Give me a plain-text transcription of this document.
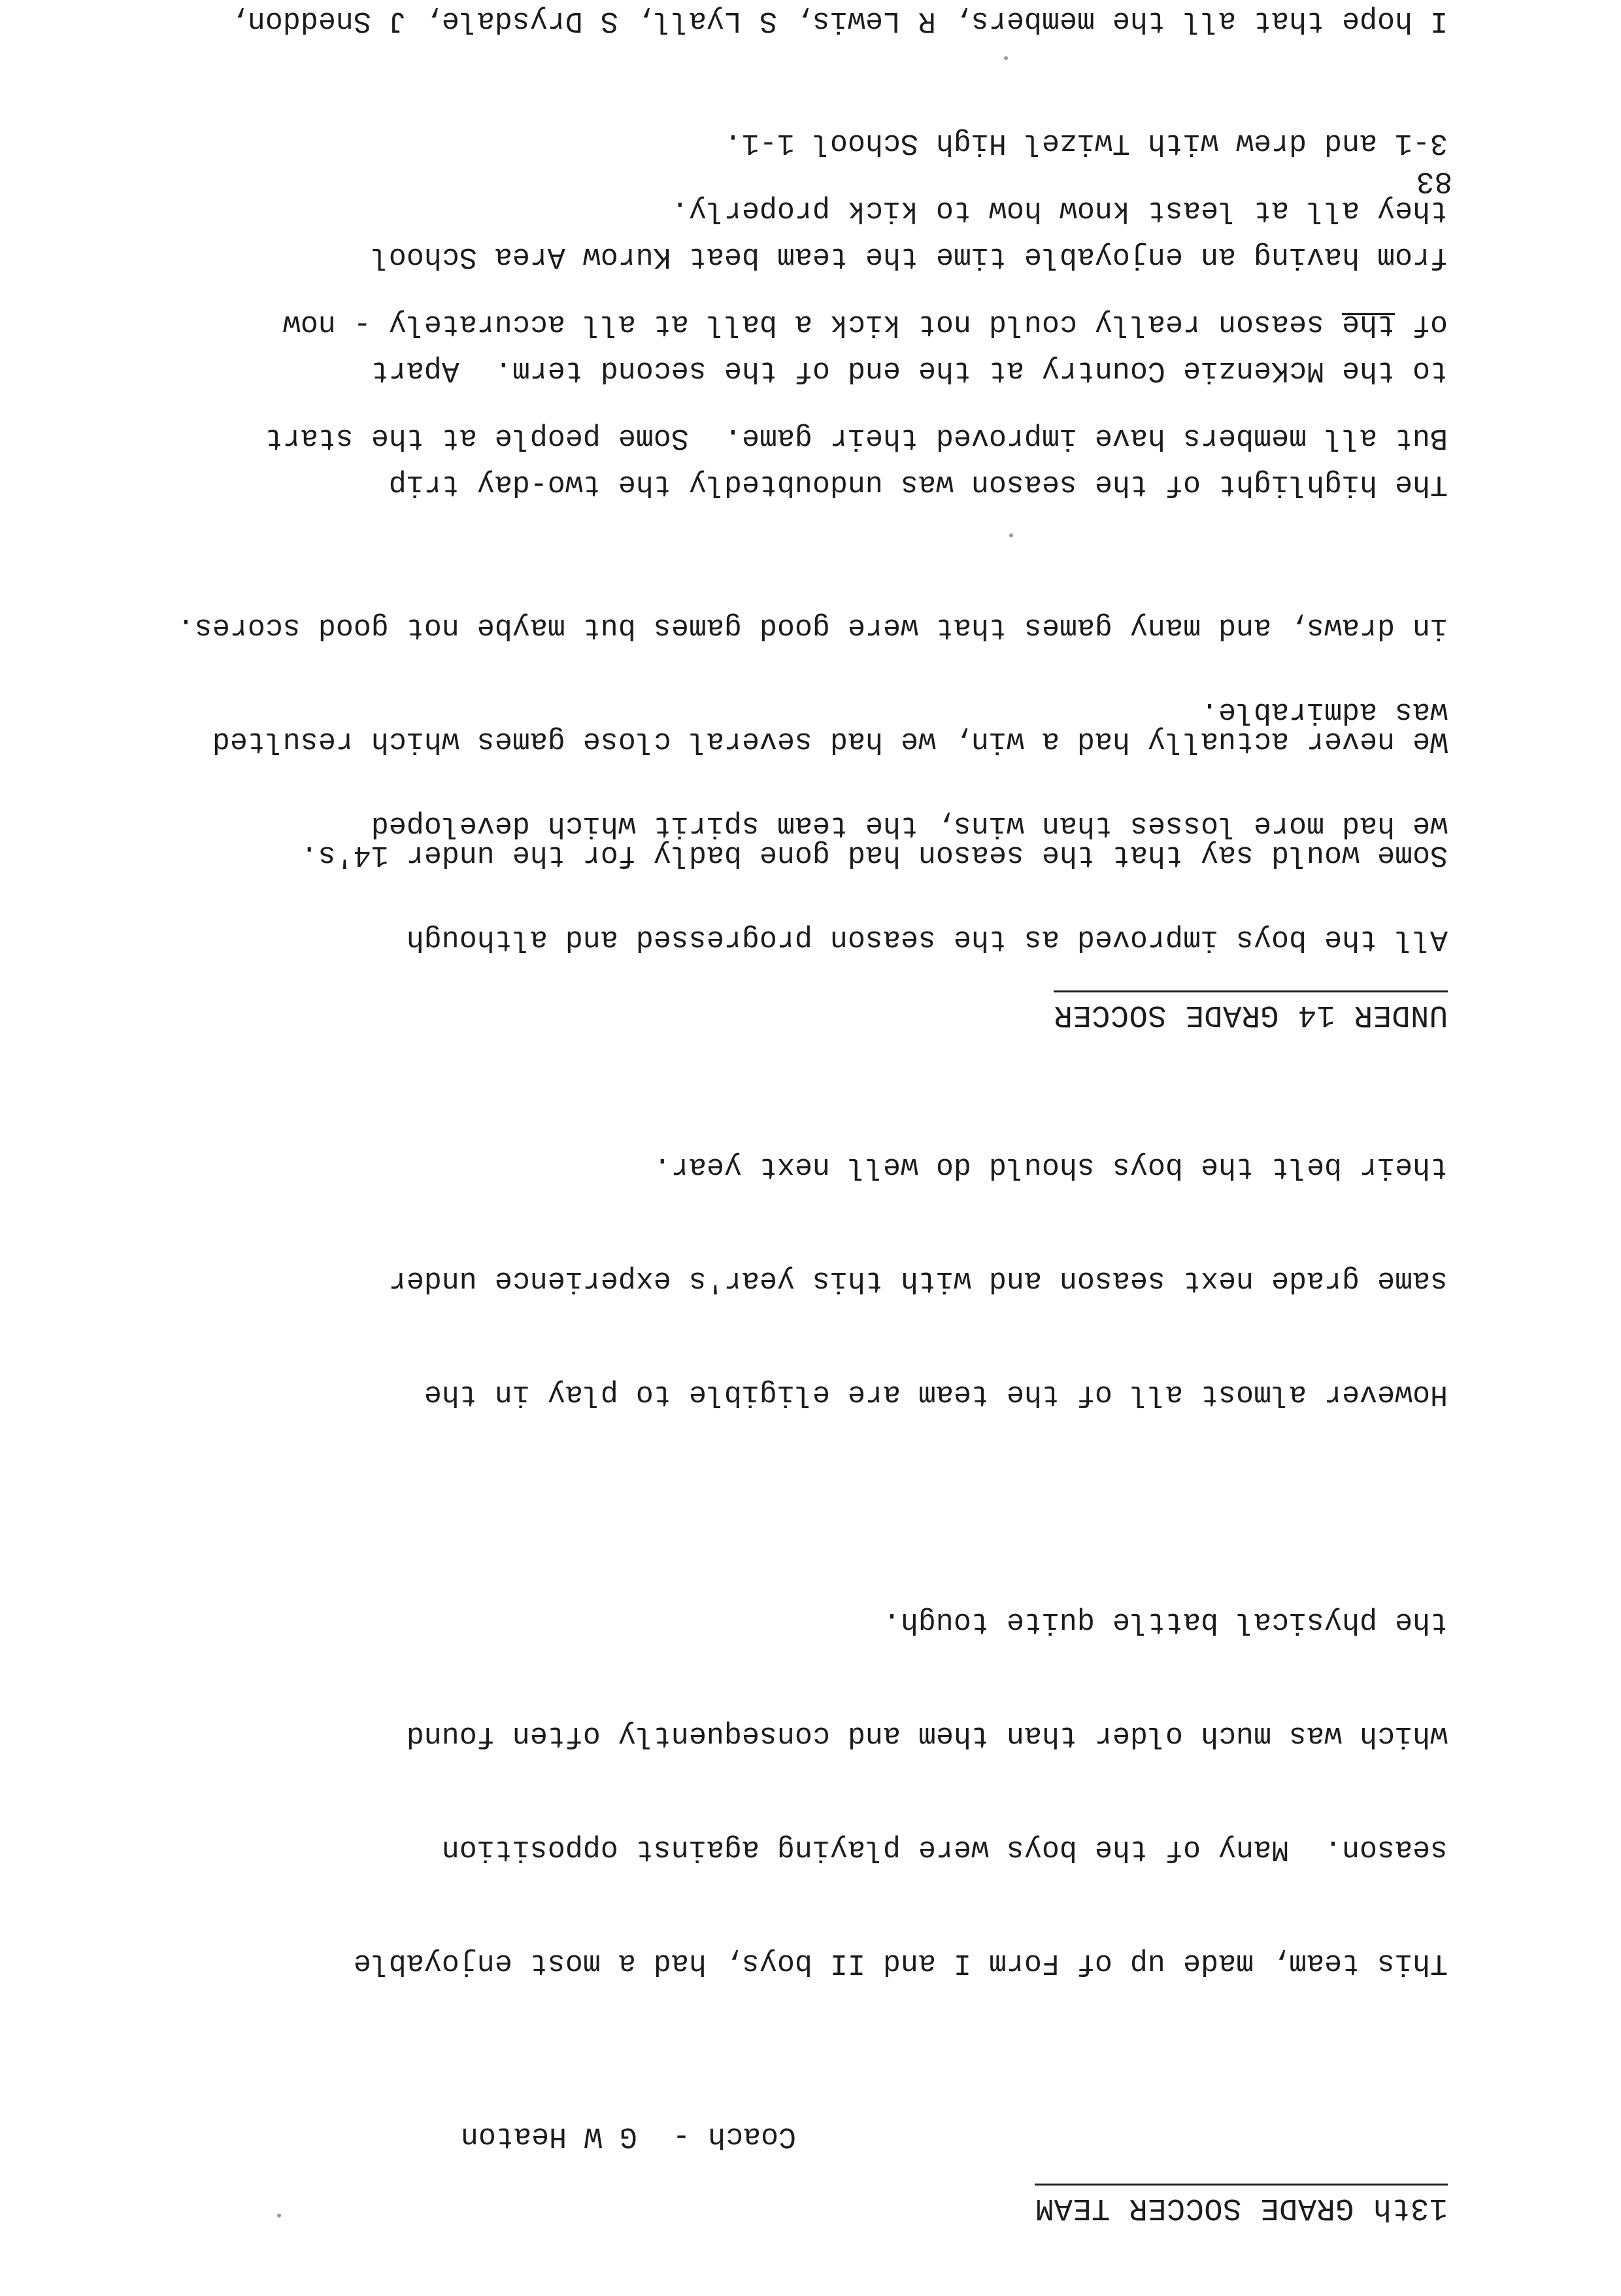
83
13th GRADE SOCCER TEAM
Coach -  G W Heaton

This team, made up of Form I and II boys, had a most enjoyable

season.  Many of the boys were playing against opposition

which was much older than them and consequently often found

the physical battle quite tough.

However almost all of the team are eligible to play in the

same grade next season and with this year's experience under

their belt the boys should do well next year.

All the boys improved as the season progressed and although

we had more losses than wins, the team spirit which developed

was admirable.

The highlight of the season was undoubtedly the two-day trip

to the McKenzie Country at the end of the second term.  Apart

from having an enjoyable time the team beat Kurow Area School

3-1 and drew with Twizel High School 1-1.

UNDER 14 GRADE SOCCER

Some would say that the season had gone badly for the under 14's.

We never actually had a win, we had several close games which resulted

in draws, and many games that were good games but maybe not good scores.

But all members have improved their game.  Some people at the start

of the season really could not kick a ball at all accurately - now

they all at least know how to kick properly.

I hope that all the members, R Lewis, S Lyall, S Drysdale, J Sneddon,
